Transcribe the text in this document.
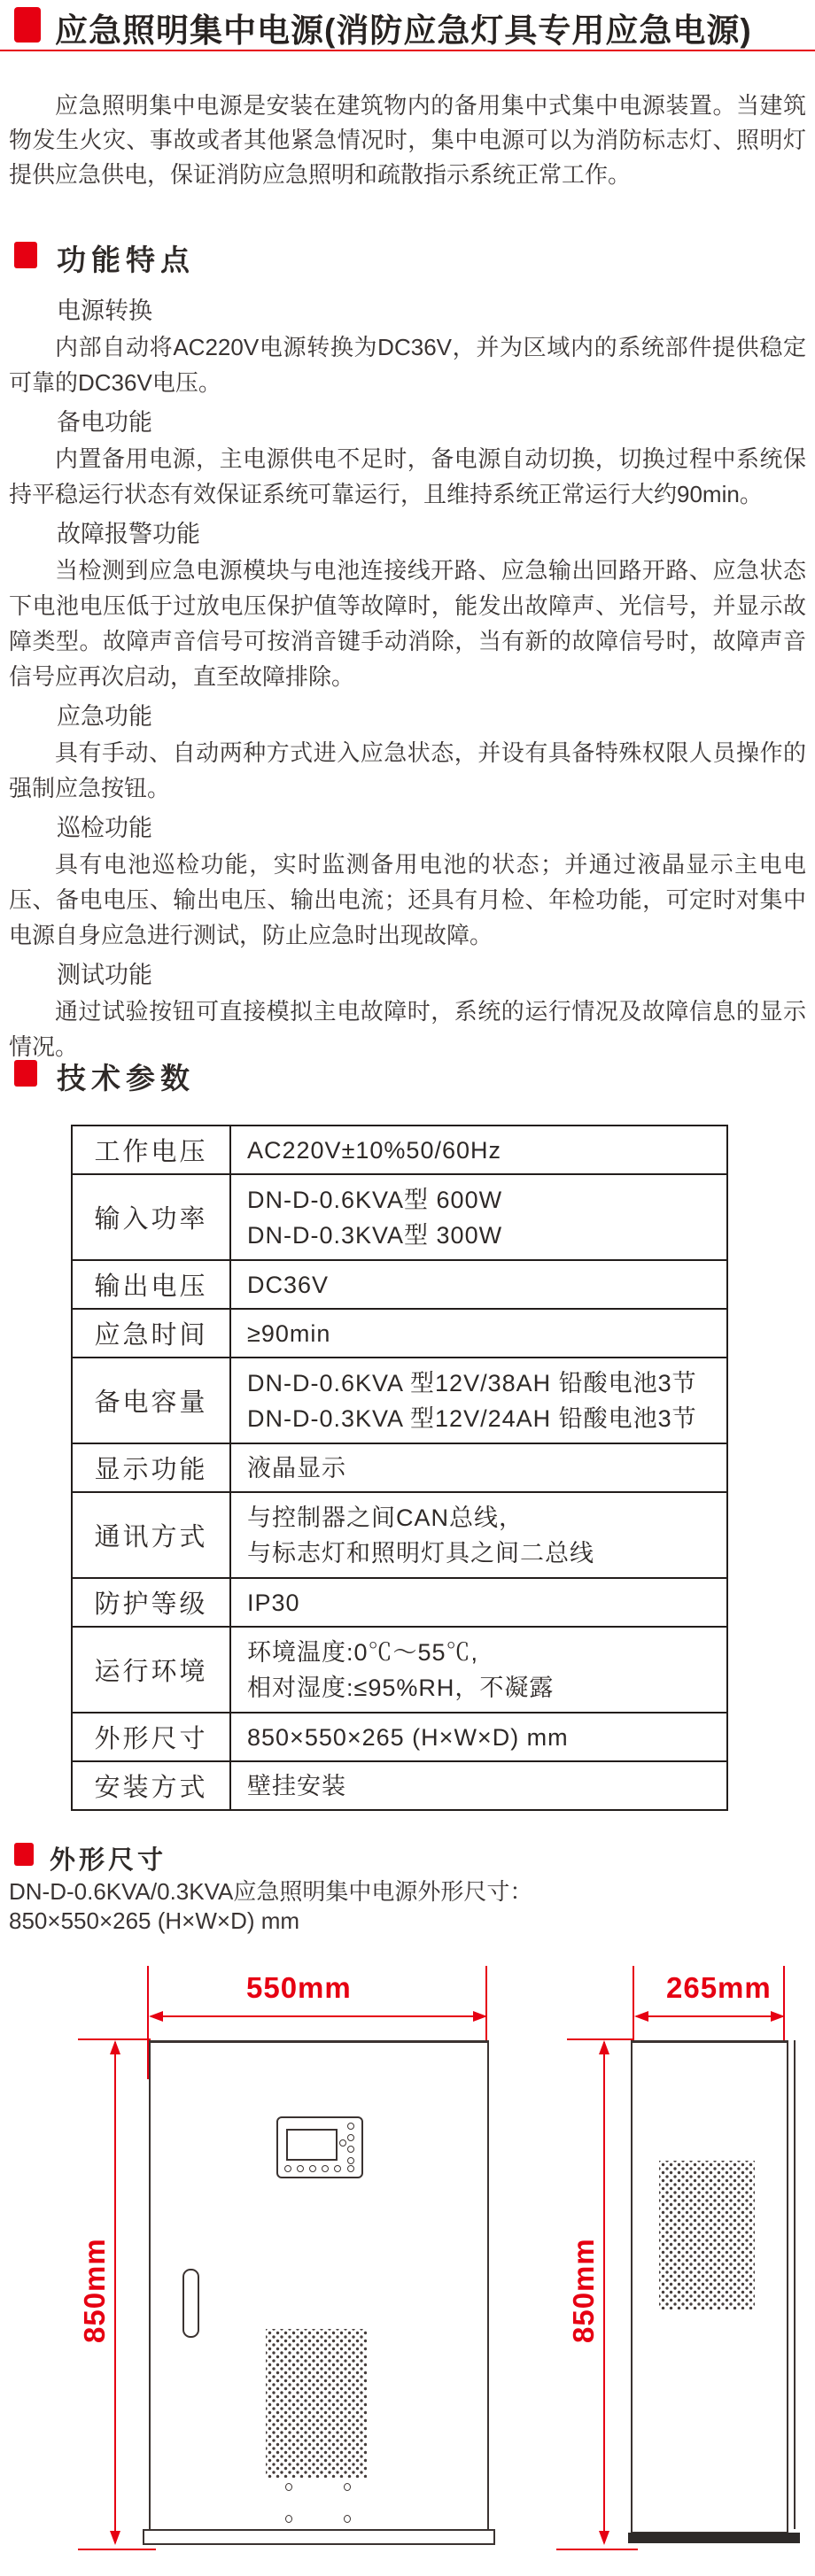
应急照明集中电源(消防应急灯具专用应急电源)
应急照明集中电源是安装在建筑物内的备用集中式集中电源装置。当建筑物发生火灾、事故或者其他紧急情况时，集中电源可以为消防标志灯、照明灯提供应急供电，保证消防应急照明和疏散指示系统正常工作。
功能特点

电源转换

内部自动将AC220V电源转换为DC36V，并为区域内的系统部件提供稳定可靠的DC36V电压。

备电功能

内置备用电源，主电源供电不足时，备电源自动切换，切换过程中系统保持平稳运行状态有效保证系统可靠运行，且维持系统正常运行大约90min。

故障报警功能

当检测到应急电源模块与电池连接线开路、应急输出回路开路、应急状态下电池电压低于过放电压保护值等故障时，能发出故障声、光信号，并显示故障类型。故障声音信号可按消音键手动消除，当有新的故障信号时，故障声音信号应再次启动，直至故障排除。

应急功能

具有手动、自动两种方式进入应急状态，并设有具备特殊权限人员操作的强制应急按钮。

巡检功能

具有电池巡检功能，实时监测备用电池的状态；并通过液晶显示主电电压、备电电压、输出电压、输出电流；还具有月检、年检功能，可定时对集中电源自身应急进行测试，防止应急时出现故障。

测试功能

通过试验按钮可直接模拟主电故障时，系统的运行情况及故障信息的显示情况。

技术参数
工作电压	AC220V±10%50/60Hz

输入功率	DN-D-0.6KVA型 600W
DN-D-0.3KVA型 300W

输出电压	DC36V

应急时间	≥90min

备电容量	DN-D-0.6KVA 型12V/38AH 铅酸电池3节
DN-D-0.3KVA 型12V/24AH 铅酸电池3节

显示功能	液晶显示

通讯方式	与控制器之间CAN总线，
与标志灯和照明灯具之间二总线

防护等级	IP30

运行环境	环境温度:0℃～55℃,
相对湿度:≤95%RH，不凝露

外形尺寸	850×550×265 (H×W×D) mm

安装方式	壁挂安装
外形尺寸
DN-D-0.6KVA/0.3KVA应急照明集中电源外形尺寸：
850×550×265 (H×W×D) mm
550mm	265mm
850mm	850mm
